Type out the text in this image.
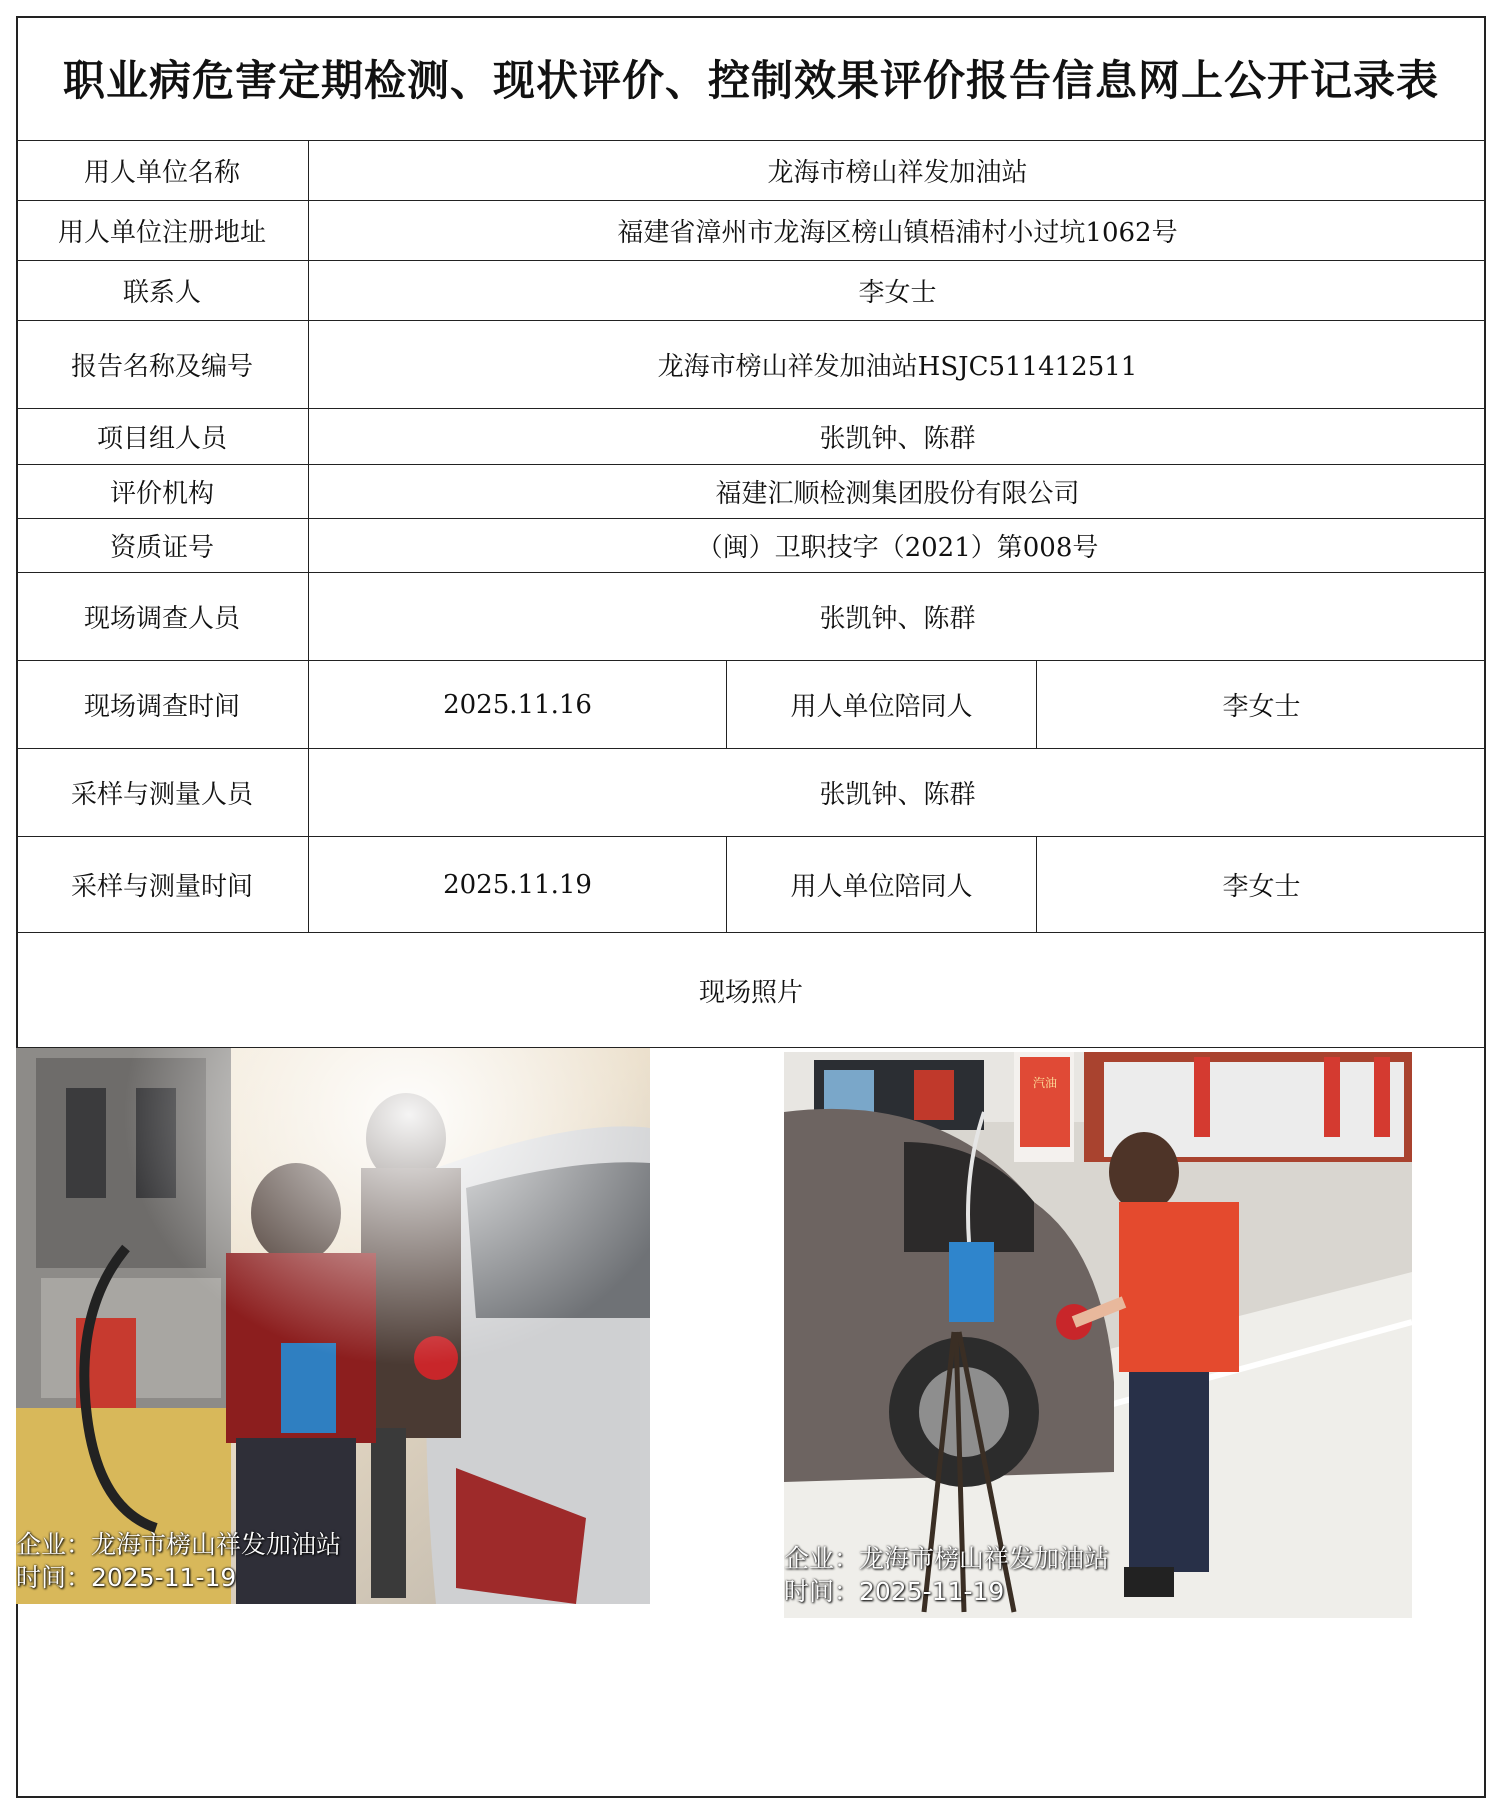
职业病危害定期检测、现状评价、控制效果评价报告信息网上公开记录表
用人单位名称	龙海市榜山祥发加油站
用人单位注册地址	福建省漳州市龙海区榜山镇梧浦村小过坑1062号
联系人	李女士
报告名称及编号	龙海市榜山祥发加油站HSJC511412511
项目组人员	张凯钟、陈群
评价机构	福建汇顺检测集团股份有限公司
资质证号	（闽）卫职技字（2021）第008号
现场调查人员	张凯钟、陈群
现场调查时间	2025.11.16	用人单位陪同人	李女士
采样与测量人员	张凯钟、陈群
采样与测量时间	2025.11.19	用人单位陪同人	李女士
现场照片
企业：龙海市榜山祥发加油站
时间：2025-11-19
汽油
企业：龙海市榜山祥发加油站
时间：2025-11-19
